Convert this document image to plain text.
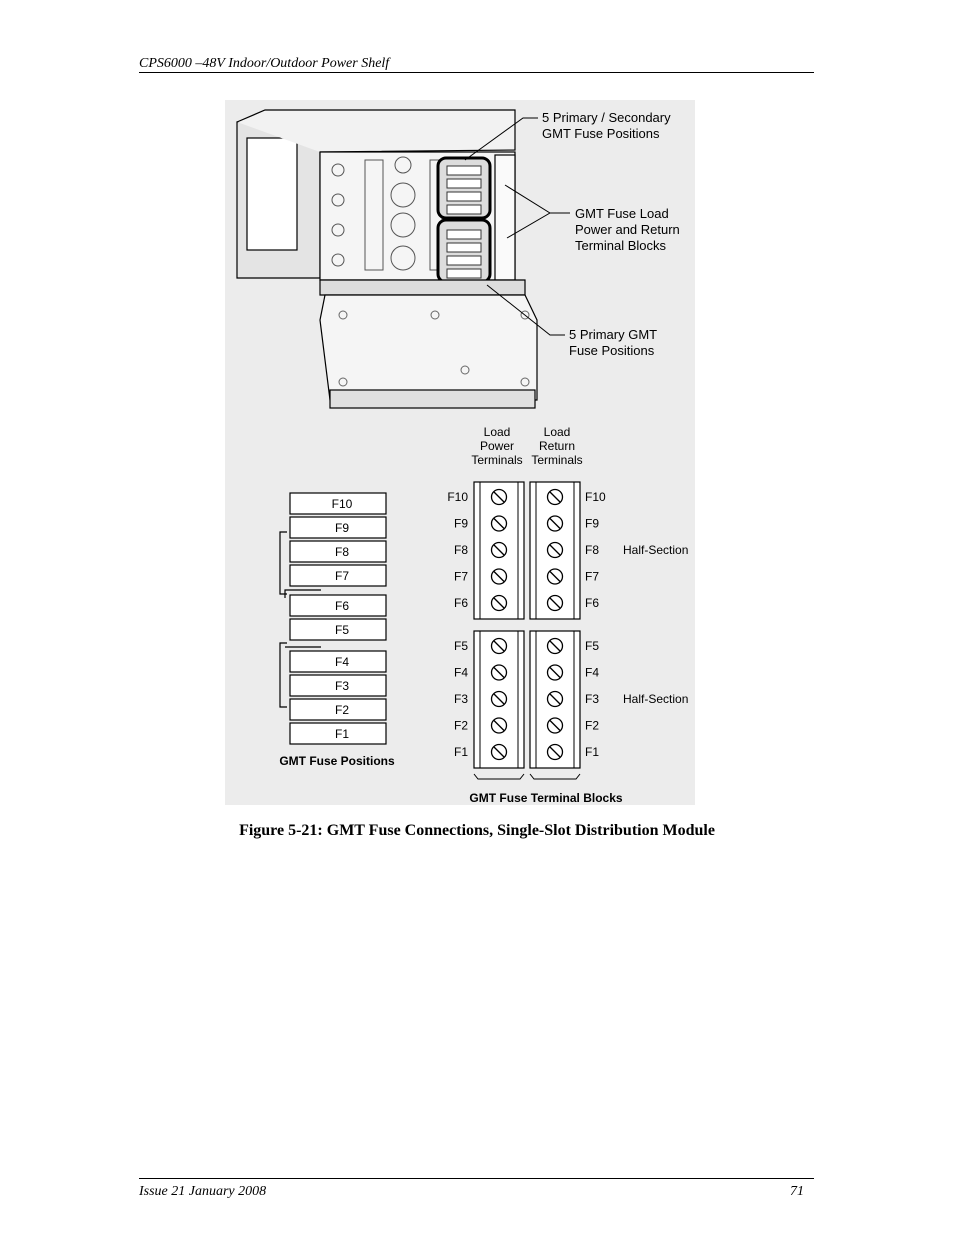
CPS6000 –48V Indoor/Outdoor Power Shelf
5 Primary / Secondary
GMT Fuse Positions
GMT Fuse Load
Power and Return
Terminal Blocks
5 Primary GMT
Fuse Positions
Load
Power
Terminals
Load
Return
Terminals
F10
F9
F8
F7
F6
F5
F4
F3
F2
F1
GMT Fuse Positions
F10	F10
F9	F9
F8	F8
F7	F7
F6	F6
Half-Section
F5	F5
F4	F4
F3	F3
F2	F2
F1	F1
Half-Section
GMT Fuse Terminal Blocks
Figure 5-21: GMT Fuse Connections, Single-Slot Distribution Module
Issue 21 January 2008	71
